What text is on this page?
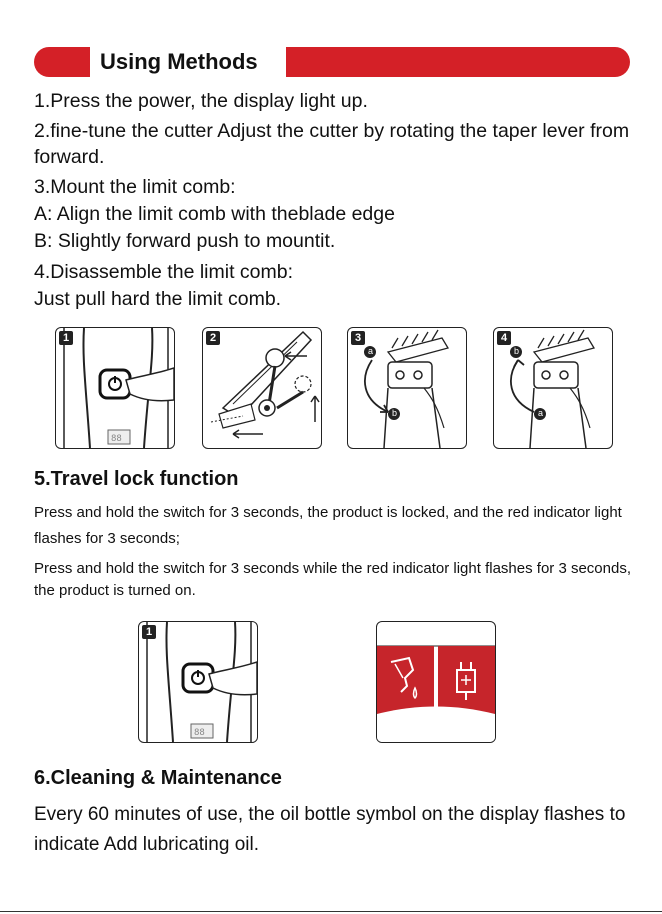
Using Methods

1.Press the power, the display light up.

2.fine-tune the cutter Adjust the cutter by rotating the taper lever from forward.

3.Mount the limit comb:

A: Align the limit comb with theblade edge

B: Slightly forward push to mountit.

4.Disassemble the limit comb:

Just pull hard the limit comb.

88
1	2	3
a
b
4
b
a
5.Travel lock function

Press and hold the switch for 3 seconds, the product is locked, and the red indicator light flashes for 3 seconds;

Press and hold the switch for 3 seconds while the red indicator light flashes for 3 seconds, the product is turned on.

88
1
6.Cleaning & Maintenance

Every 60 minutes of use, the oil bottle symbol on the display flashes to indicate Add lubricating oil.
